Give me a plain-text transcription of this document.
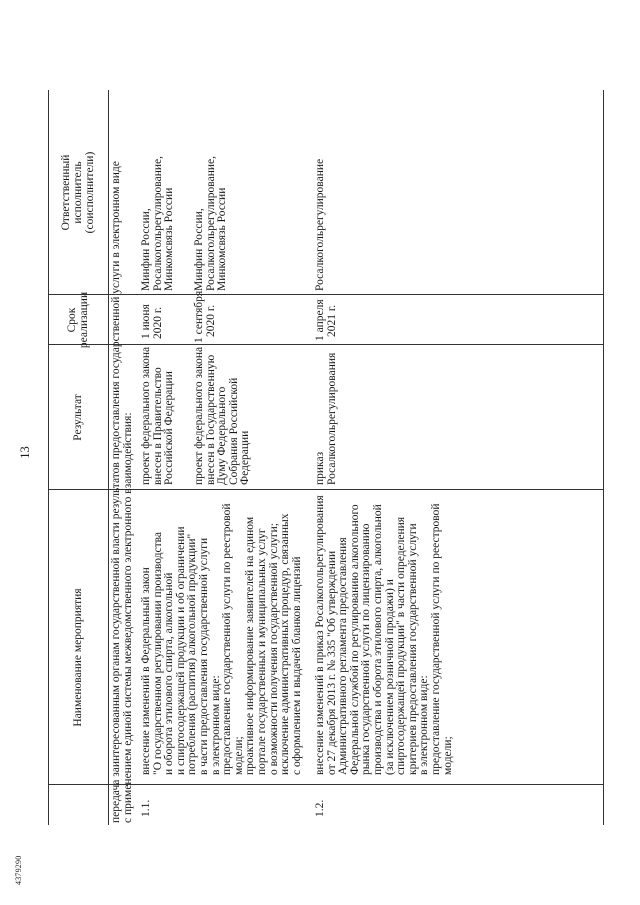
13
4379290
Наименование мероприятия
Результат
Срок реализации
Ответственный исполнитель (соисполнители) передача заинтересованным органам государственной власти результатов предоставления государственной услуги в электронном виде с применением единой системы межведомственного электронного взаимодействия: 1.1.
внесение изменений в Федеральный закон "О государственном регулировании производства и оборота этилового спирта, алкогольной и спиртосодержащей продукции и об ограничении потребления (распития) алкогольной продукции" в части предоставления государственной услуги в электронном виде: предоставление государственной услуги по реестровой модели; проактивное информирование заявителей на едином портале государственных и муниципальных услуг о возможности получения государственной услуги; исключение административных процедур, связанных с оформлением и выдачей бланков лицензий
проект федерального закона внесен в Правительство Российской Федерации
1 июня 2020 г.
Минфин России, Росалкогольрегулирование, Минкомсвязь России
проект федерального закона внесен в Государственную Думу Федерального Собрания Российской Федерации
1 сентября 2020 г.
Минфин России, Росалкогольрегулирование, Минкомсвязь России
1.2.
внесение изменений в приказ Росалкогольрегулирования от 27 декабря 2013 г. № 335 "Об утверждении Административного регламента предоставления Федеральной службой по регулированию алкогольного рынка государственной услуги по лицензированию производства и оборота этилового спирта, алкогольной (за исключением розничной продажи) и спиртосодержащей продукции" в части определения критериев предоставления государственной услуги в электронном виде: предоставление государственной услуги по реестровой модели;
приказ Росалкогольрегулирования
1 апреля 2021 г.
Росалкогольрегулирование
